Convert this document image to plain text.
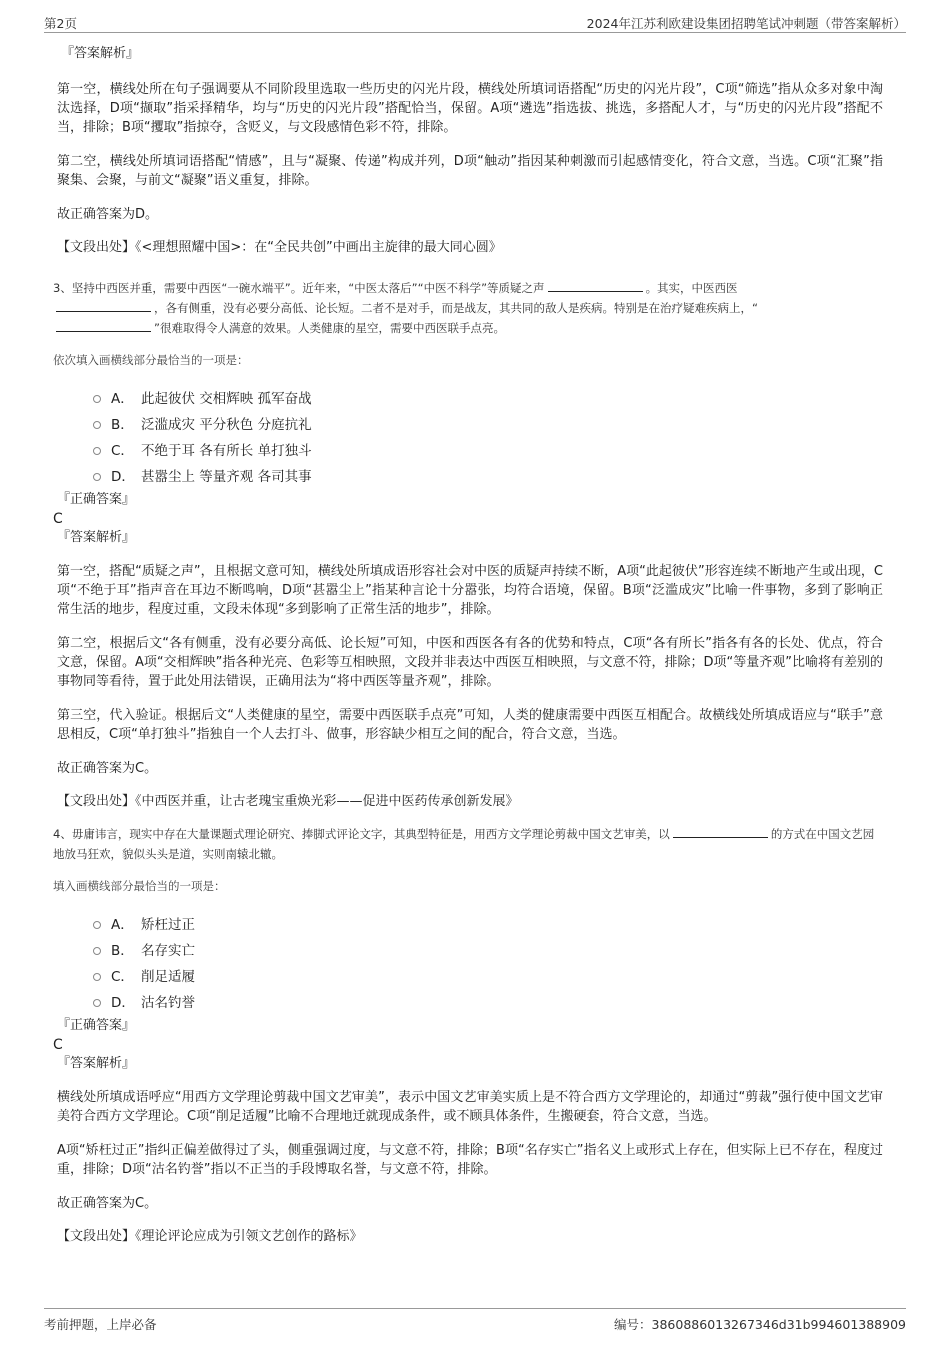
第2页	2024年江苏利欧建设集团招聘笔试冲刺题（带答案解析）

『答案解析』

第一空，横线处所在句子强调要从不同阶段里选取一些历史的闪光片段，横线处所填词语搭配“历史的闪光片段”，C项“筛选”指从众多对象中淘汰选择，D项“撷取”指采择精华，均与“历史的闪光片段”搭配恰当，保留。A项“遴选”指选拔、挑选，多搭配人才，与“历史的闪光片段”搭配不当，排除；B项“攫取”指掠夺，含贬义，与文段感情色彩不符，排除。

第二空，横线处所填词语搭配“情感”，且与“凝聚、传递”构成并列，D项“触动”指因某种刺激而引起感情变化，符合文意，当选。C项“汇聚”指聚集、会聚，与前文“凝聚”语义重复，排除。

故正确答案为D。

【文段出处】《<理想照耀中国>：在“全民共创”中画出主旋律的最大同心圆》

3、坚持中西医并重，需要中西医“一碗水端平”。近年来，“中医太落后”“中医不科学”等质疑之声	。其实，中医西医
，各有侧重，没有必要分高低、论长短。二者不是对手，而是战友，其共同的敌人是疾病。特别是在治疗疑难疾病上，“
”很难取得令人满意的效果。人类健康的星空，需要中西医联手点亮。

依次填入画横线部分最恰当的一项是：

A． 此起彼伏 交相辉映 孤军奋战
B． 泛滥成灾 平分秋色 分庭抗礼
C． 不绝于耳 各有所长 单打独斗
D． 甚嚣尘上 等量齐观 各司其事

『正确答案』

C

『答案解析』

第一空，搭配“质疑之声”，且根据文意可知，横线处所填成语形容社会对中医的质疑声持续不断，A项“此起彼伏”形容连续不断地产生或出现，C项“不绝于耳”指声音在耳边不断鸣响，D项“甚嚣尘上”指某种言论十分嚣张，均符合语境，保留。B项“泛滥成灾”比喻一件事物，多到了影响正常生活的地步，程度过重，文段未体现“多到影响了正常生活的地步”，排除。

第二空，根据后文“各有侧重，没有必要分高低、论长短”可知，中医和西医各有各的优势和特点，C项“各有所长”指各有各的长处、优点，符合文意，保留。A项“交相辉映”指各种光亮、色彩等互相映照，文段并非表达中西医互相映照，与文意不符，排除；D项“等量齐观”比喻将有差别的事物同等看待，置于此处用法错误，正确用法为“将中西医等量齐观”，排除。

第三空，代入验证。根据后文“人类健康的星空，需要中西医联手点亮”可知，人类的健康需要中西医互相配合。故横线处所填成语应与“联手”意思相反，C项“单打独斗”指独自一个人去打斗、做事，形容缺少相互之间的配合，符合文意，当选。

故正确答案为C。

【文段出处】《中西医并重，让古老瑰宝重焕光彩——促进中医药传承创新发展》

4、毋庸讳言，现实中存在大量课题式理论研究、捧脚式评论文字，其典型特征是，用西方文学理论剪裁中国文艺审美，以	的方式在中国文艺园地放马狂欢，貌似头头是道，实则南辕北辙。

填入画横线部分最恰当的一项是：

A． 矫枉过正
B． 名存实亡
C． 削足适履
D． 沽名钓誉

『正确答案』

C

『答案解析』

横线处所填成语呼应“用西方文学理论剪裁中国文艺审美”，表示中国文艺审美实质上是不符合西方文学理论的，却通过“剪裁”强行使中国文艺审美符合西方文学理论。C项“削足适履”比喻不合理地迁就现成条件，或不顾具体条件，生搬硬套，符合文意，当选。

A项“矫枉过正”指纠正偏差做得过了头，侧重强调过度，与文意不符，排除；B项“名存实亡”指名义上或形式上存在，但实际上已不存在，程度过重，排除；D项“沽名钓誉”指以不正当的手段博取名誉，与文意不符，排除。

故正确答案为C。

【文段出处】《理论评论应成为引领文艺创作的路标》

考前押题，上岸必备	编号：3860886013267346d31b994601388909
